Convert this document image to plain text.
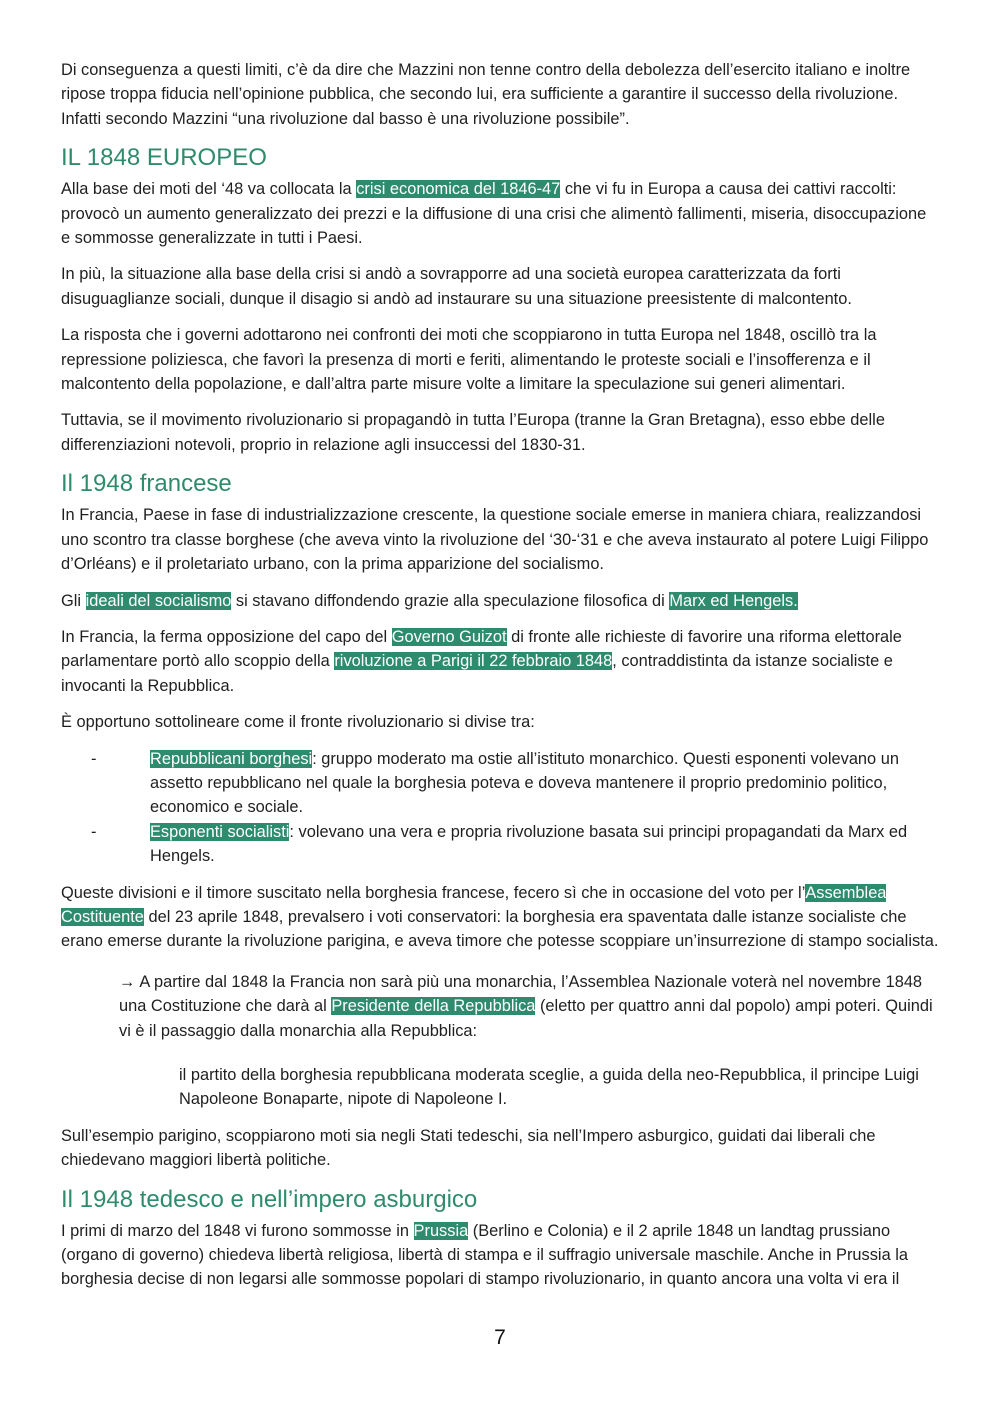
Di conseguenza a questi limiti, c’è da dire che Mazzini non tenne contro della debolezza dell’esercito italiano e inoltre ripose troppa fiducia nell’opinione pubblica, che secondo lui, era sufficiente a garantire il successo della rivoluzione. Infatti secondo Mazzini “una rivoluzione dal basso è una rivoluzione possibile”.

IL 1848 EUROPEO

Alla base dei moti del ‘48 va collocata la crisi economica del 1846-47 che vi fu in Europa a causa dei cattivi raccolti: provocò un aumento generalizzato dei prezzi e la diffusione di una crisi che alimentò fallimenti, miseria, disoccupazione e sommosse generalizzate in tutti i Paesi.

In più, la situazione alla base della crisi si andò a sovrapporre ad una società europea caratterizzata da forti disuguaglianze sociali, dunque il disagio si andò ad instaurare su una situazione preesistente di malcontento.

La risposta che i governi adottarono nei confronti dei moti che scoppiarono in tutta Europa nel 1848, oscillò tra la repressione poliziesca, che favorì la presenza di morti e feriti, alimentando le proteste sociali e l’insofferenza e il malcontento della popolazione, e dall’altra parte misure volte a limitare la speculazione sui generi alimentari.

Tuttavia, se il movimento rivoluzionario si propagandò in tutta l’Europa (tranne la Gran Bretagna), esso ebbe delle differenziazioni notevoli, proprio in relazione agli insuccessi del 1830-31.

Il 1948 francese

In Francia, Paese in fase di industrializzazione crescente, la questione sociale emerse in maniera chiara, realizzandosi uno scontro tra classe borghese (che aveva vinto la rivoluzione del ‘30-‘31 e che aveva instaurato al potere Luigi Filippo d’Orléans) e il proletariato urbano, con la prima apparizione del socialismo.

Gli ideali del socialismo si stavano diffondendo grazie alla speculazione filosofica di Marx ed Hengels.

In Francia, la ferma opposizione del capo del Governo Guizot di fronte alle richieste di favorire una riforma elettorale parlamentare portò allo scoppio della rivoluzione a Parigi il 22 febbraio 1848, contraddistinta da istanze socialiste e invocanti la Repubblica.

È opportuno sottolineare come il fronte rivoluzionario si divise tra:

-	Repubblicani borghesi: gruppo moderato ma ostie all’istituto monarchico. Questi esponenti volevano un assetto repubblicano nel quale la borghesia poteva e doveva mantenere il proprio predominio politico, economico e sociale.
-	Esponenti socialisti: volevano una vera e propria rivoluzione basata sui principi propagandati da Marx ed Hengels.

Queste divisioni e il timore suscitato nella borghesia francese, fecero sì che in occasione del voto per l’Assemblea Costituente del 23 aprile 1848, prevalsero i voti conservatori: la borghesia era spaventata dalle istanze socialiste che erano emerse durante la rivoluzione parigina, e aveva timore che potesse scoppiare un’insurrezione di stampo socialista.

→ A partire dal 1848 la Francia non sarà più una monarchia, l’Assemblea Nazionale voterà nel novembre 1848 una Costituzione che darà al Presidente della Repubblica (eletto per quattro anni dal popolo) ampi poteri. Quindi vi è il passaggio dalla monarchia alla Repubblica:

il partito della borghesia repubblicana moderata sceglie, a guida della neo-Repubblica, il principe Luigi Napoleone Bonaparte, nipote di Napoleone I.

Sull’esempio parigino, scoppiarono moti sia negli Stati tedeschi, sia nell’Impero asburgico, guidati dai liberali che chiedevano maggiori libertà politiche.

Il 1948 tedesco e nell’impero asburgico

I primi di marzo del 1848 vi furono sommosse in Prussia (Berlino e Colonia) e il 2 aprile 1848 un landtag prussiano (organo di governo) chiedeva libertà religiosa, libertà di stampa e il suffragio universale maschile. Anche in Prussia la borghesia decise di non legarsi alle sommosse popolari di stampo rivoluzionario, in quanto ancora una volta vi era il

7
